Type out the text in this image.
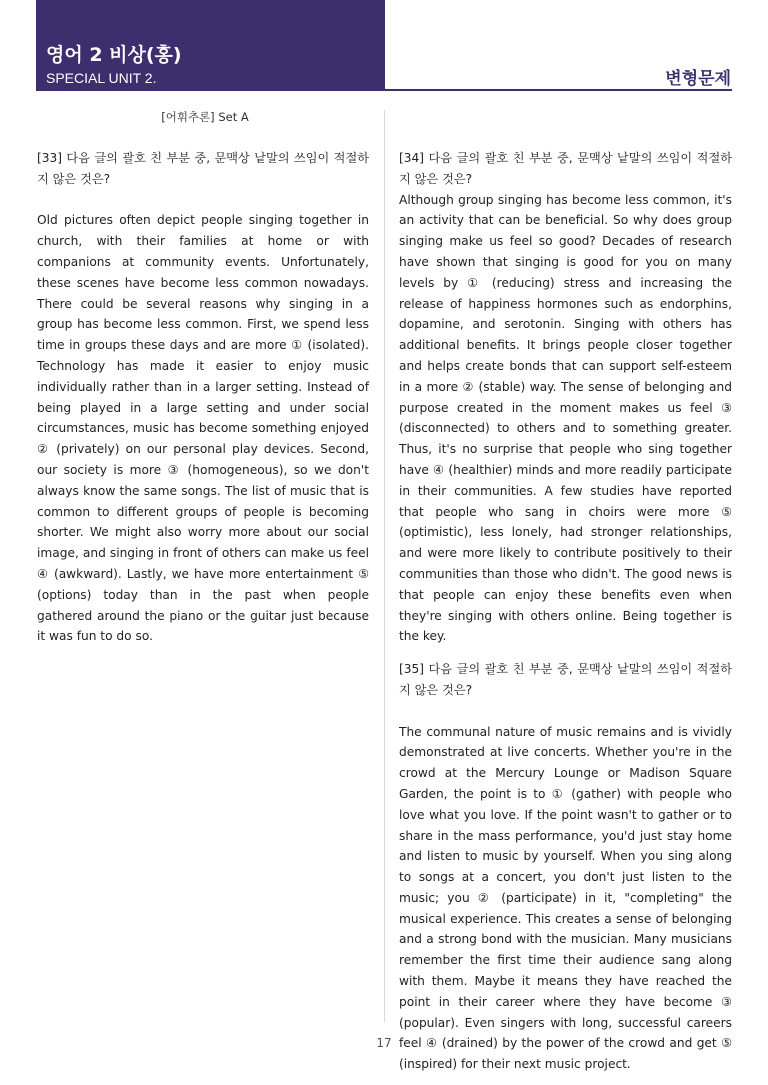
영어 2 비상(홍)
SPECIAL UNIT 2.	변형문제
[어휘추론] Set A

[33] 다음 글의 괄호 친 부분 중, 문맥상 낱말의 쓰임이 적절하지 않은 것은?

Old pictures often depict people singing together in church, with their families at home or with companions at community events. Unfortunately, these scenes have become less common nowadays. There could be several reasons why singing in a group has become less common. First, we spend less time in groups these days and are more ① (isolated). Technology has made it easier to enjoy music individually rather than in a larger setting. Instead of being played in a large setting and under social circumstances, music has become something enjoyed ② (privately) on our personal play devices. Second, our society is more ③ (homogeneous), so we don't always know the same songs. The list of music that is common to different groups of people is becoming shorter. We might also worry more about our social image, and singing in front of others can make us feel ④ (awkward). Lastly, we have more entertainment ⑤ (options) today than in the past when people gathered around the piano or the guitar just because it was fun to do so.

[34] 다음 글의 괄호 친 부분 중, 문맥상 낱말의 쓰임이 적절하지 않은 것은?

Although group singing has become less common, it's an activity that can be beneficial. So why does group singing make us feel so good? Decades of research have shown that singing is good for you on many levels by ① (reducing) stress and increasing the release of happiness hormones such as endorphins, dopamine, and serotonin. Singing with others has additional benefits. It brings people closer together and helps create bonds that can support self-esteem in a more ② (stable) way. The sense of belonging and purpose created in the moment makes us feel ③ (disconnected) to others and to something greater. Thus, it's no surprise that people who sing together have ④ (healthier) minds and more readily participate in their communities. A few studies have reported that people who sang in choirs were more ⑤ (optimistic), less lonely, had stronger relationships, and were more likely to contribute positively to their communities than those who didn't. The good news is that people can enjoy these benefits even when they're singing with others online. Being together is the key.

[35] 다음 글의 괄호 친 부분 중, 문맥상 낱말의 쓰임이 적절하지 않은 것은?

The communal nature of music remains and is vividly demonstrated at live concerts. Whether you're in the crowd at the Mercury Lounge or Madison Square Garden, the point is to ① (gather) with people who love what you love. If the point wasn't to gather or to share in the mass performance, you'd just stay home and listen to music by yourself. When you sing along to songs at a concert, you don't just listen to the music; you ② (participate) in it, "completing" the musical experience. This creates a sense of belonging and a strong bond with the musician. Many musicians remember the first time their audience sang along with them. Maybe it means they have reached the point in their career where they have become ③ (popular). Even singers with long, successful careers feel ④ (drained) by the power of the crowd and get ⑤ (inspired) for their next music project.

17
